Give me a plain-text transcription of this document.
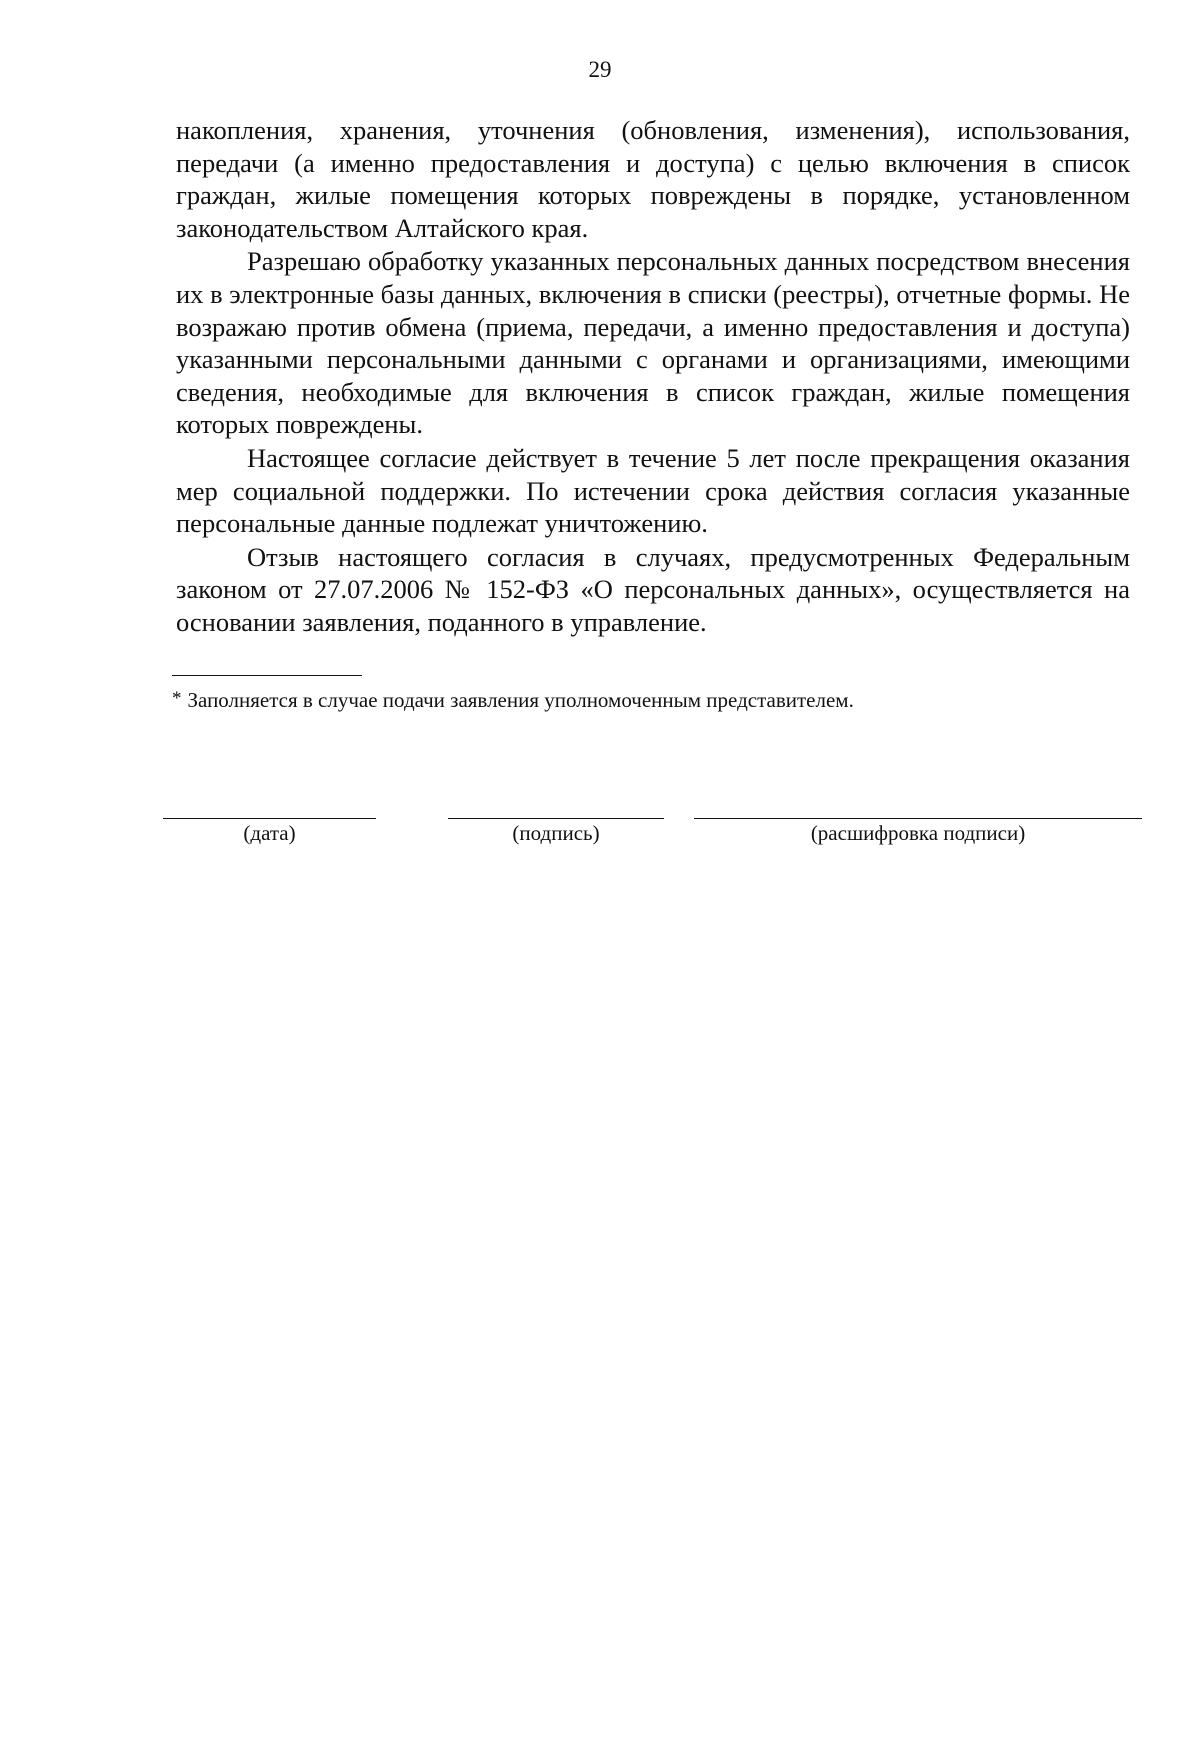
29

накопления, хранения, уточнения (обновления, изменения), использования, передачи (а именно предоставления и доступа) с целью включения в список граждан, жилые помещения которых повреждены в порядке, установленном законодательством Алтайского края.

Разрешаю обработку указанных персональных данных посредством внесения их в электронные базы данных, включения в списки (реестры), отчетные формы. Не возражаю против обмена (приема, передачи, а именно предоставления и доступа) указанными персональными данными с органами и организациями, имеющими сведения, необходимые для включения в список граждан, жилые помещения которых повреждены.

Настоящее согласие действует в течение 5 лет после прекращения оказания мер социальной поддержки. По истечении срока действия согласия указанные персональные данные подлежат уничтожению.

Отзыв настоящего согласия в случаях, предусмотренных Федеральным законом от 27.07.2006 № 152-ФЗ «О персональных данных», осуществляется на основании заявления, поданного в управление.

* Заполняется в случае подачи заявления уполномоченным представителем.
(дата)	(подпись)	(расшифровка подписи)
